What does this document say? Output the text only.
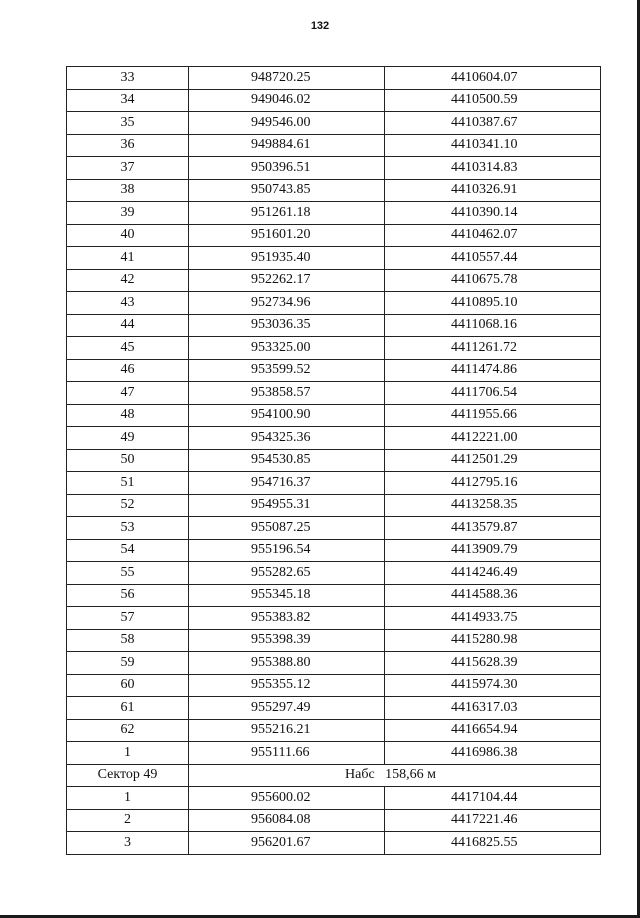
132
33	948720.25	4410604.07
34	949046.02	4410500.59
35	949546.00	4410387.67
36	949884.61	4410341.10
37	950396.51	4410314.83
38	950743.85	4410326.91
39	951261.18	4410390.14
40	951601.20	4410462.07
41	951935.40	4410557.44
42	952262.17	4410675.78
43	952734.96	4410895.10
44	953036.35	4411068.16
45	953325.00	4411261.72
46	953599.52	4411474.86
47	953858.57	4411706.54
48	954100.90	4411955.66
49	954325.36	4412221.00
50	954530.85	4412501.29
51	954716.37	4412795.16
52	954955.31	4413258.35
53	955087.25	4413579.87
54	955196.54	4413909.79
55	955282.65	4414246.49
56	955345.18	4414588.36
57	955383.82	4414933.75
58	955398.39	4415280.98
59	955388.80	4415628.39
60	955355.12	4415974.30
61	955297.49	4416317.03
62	955216.21	4416654.94
1	955111.66	4416986.38
Сектор 49	Набс   158,66 м	
1	955600.02	4417104.44
2	956084.08	4417221.46
3	956201.67	4416825.55
